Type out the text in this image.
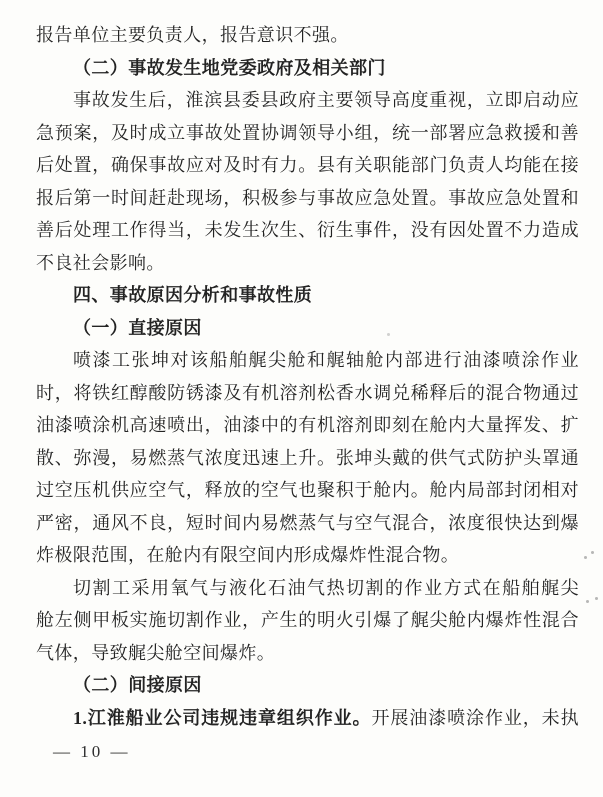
报告单位主要负责人，报告意识不强。
（二）事故发生地党委政府及相关部门
事故发生后，淮滨县委县政府主要领导高度重视，立即启动应
急预案，及时成立事故处置协调领导小组，统一部署应急救援和善
后处置，确保事故应对及时有力。县有关职能部门负责人均能在接
报后第一时间赶赴现场，积极参与事故应急处置。事故应急处置和
善后处理工作得当，未发生次生、衍生事件，没有因处置不力造成
不良社会影响。
四、事故原因分析和事故性质
（一）直接原因
喷漆工张坤对该船舶艉尖舱和艉轴舱内部进行油漆喷涂作业
时，将铁红醇酸防锈漆及有机溶剂松香水调兑稀释后的混合物通过
油漆喷涂机高速喷出，油漆中的有机溶剂即刻在舱内大量挥发、扩
散、弥漫，易燃蒸气浓度迅速上升。张坤头戴的供气式防护头罩通
过空压机供应空气，释放的空气也聚积于舱内。舱内局部封闭相对
严密，通风不良，短时间内易燃蒸气与空气混合，浓度很快达到爆
炸极限范围，在舱内有限空间内形成爆炸性混合物。
切割工采用氧气与液化石油气热切割的作业方式在船舶艉尖
舱左侧甲板实施切割作业，产生的明火引爆了艉尖舱内爆炸性混合
气体，导致艉尖舱空间爆炸。
（二）间接原因
1.江淮船业公司违规违章组织作业。开展油漆喷涂作业，未执
— 10 —
